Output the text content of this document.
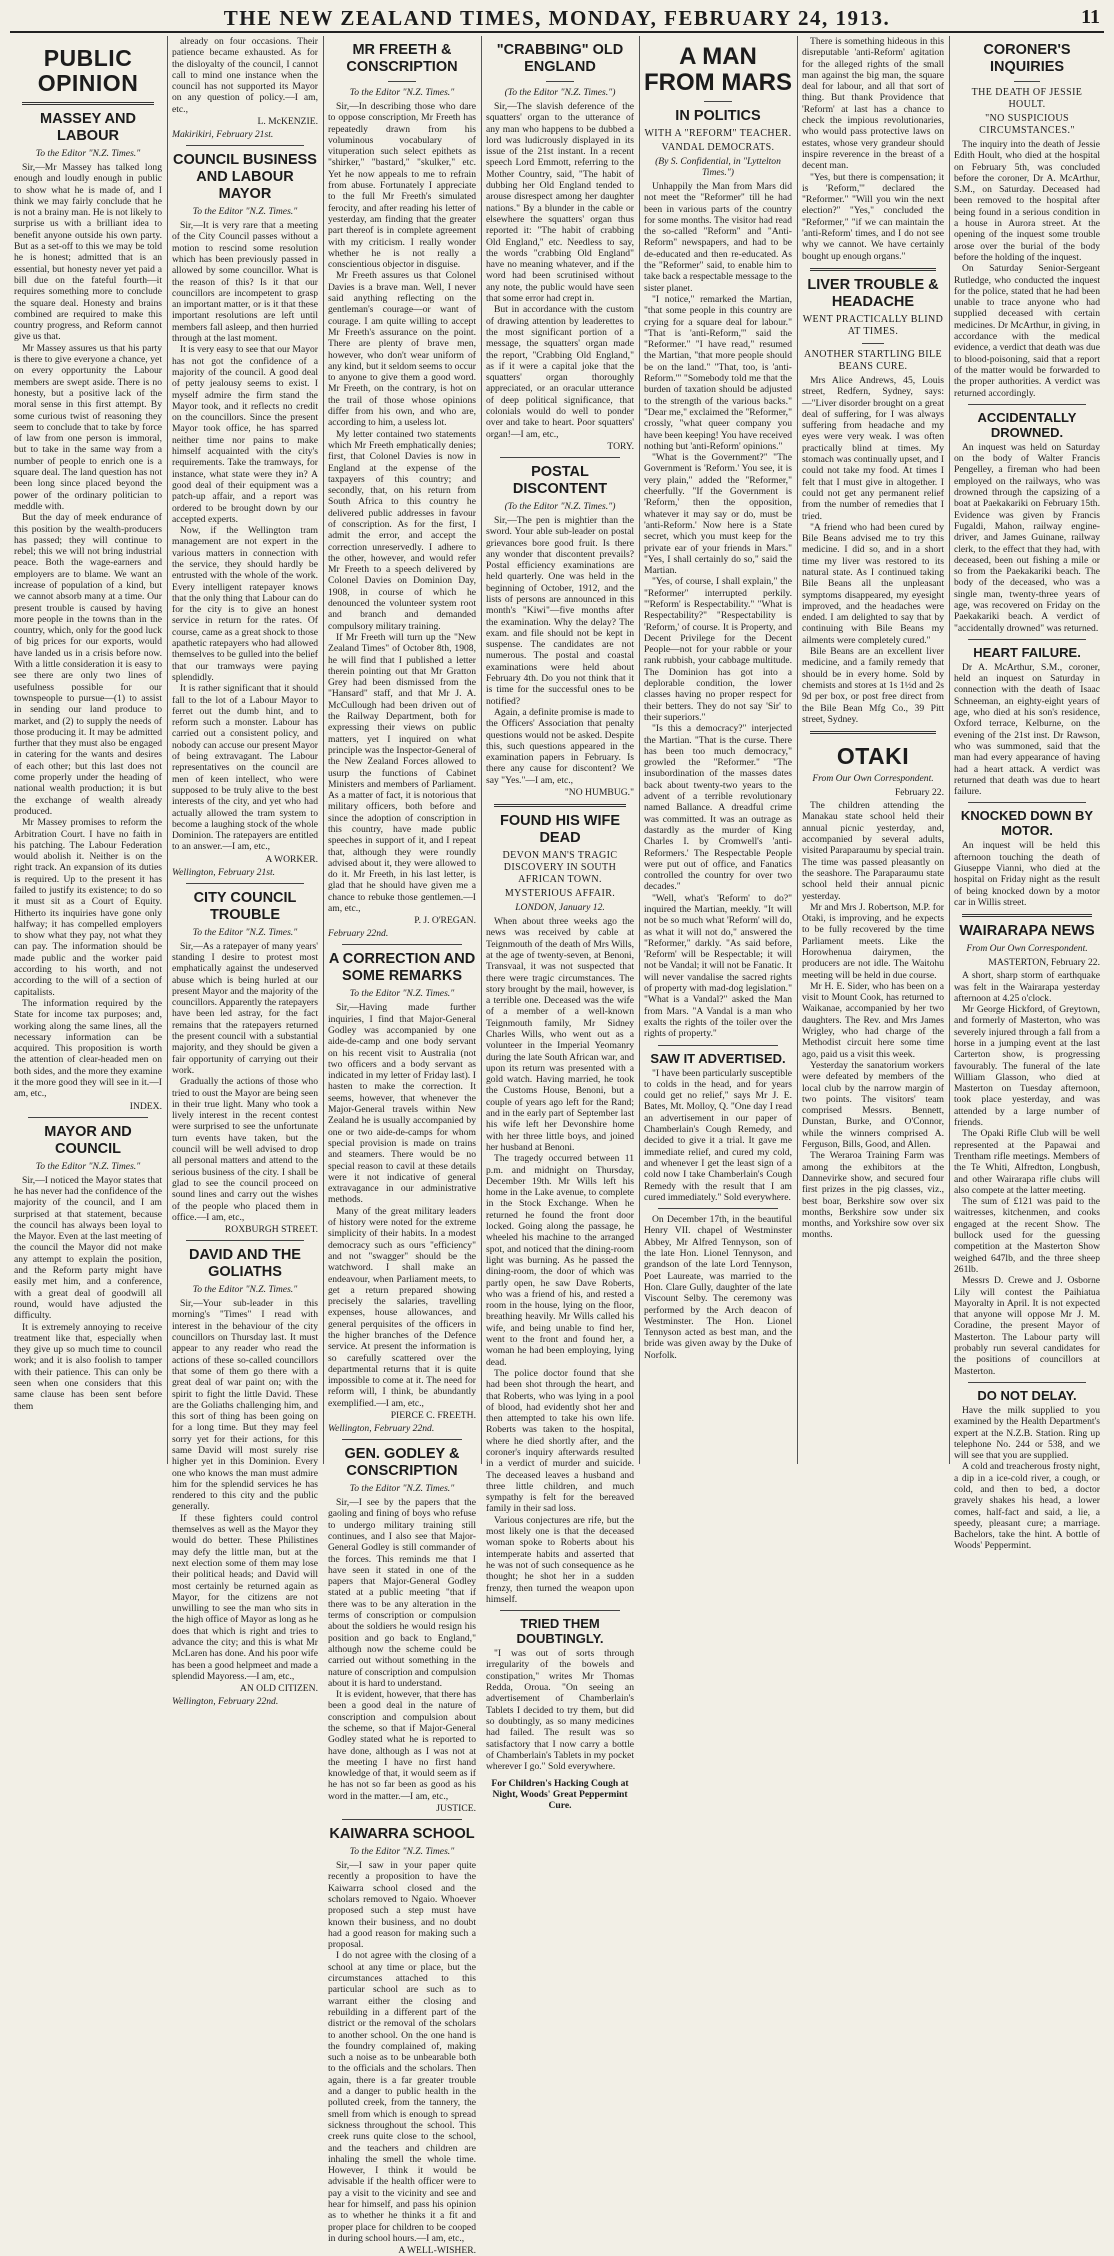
THE NEW ZEALAND TIMES, MONDAY, FEBRUARY 24, 1913.	11
PUBLIC OPINION
MASSEY AND LABOUR
To the Editor "N.Z. Times."

Sir,—Mr Massey has talked long enough and loudly enough in public to show what he is made of, and I think we may fairly conclude that he is not a brainy man. He is not likely to surprise us with a brilliant idea to benefit anyone outside his own party. But as a set-off to this we may be told he is honest; admitted that is an essential, but honesty never yet paid a bill due on the fateful fourth—it requires something more to conclude the square deal. Honesty and brains combined are required to make this country progress, and Reform cannot give us that.

Mr Massey assures us that his party is there to give everyone a chance, yet on every opportunity the Labour members are swept aside. There is no honesty, but a positive lack of the moral sense in this first attempt. By some curious twist of reasoning they seem to conclude that to take by force of law from one person is immoral, but to take in the same way from a number of people to enrich one is a square deal. The land question has not been long since placed beyond the power of the ordinary politician to meddle with.

But the day of meek endurance of this position by the wealth-producers has passed; they will continue to rebel; this we will not bring industrial peace. Both the wage-earners and employers are to blame. We want an increase of population of a kind, but we cannot absorb many at a time. Our present trouble is caused by having more people in the towns than in the country, which, only for the good luck of big prices for our exports, would have landed us in a crisis before now. With a little consideration it is easy to see there are only two lines of usefulness possible for our townspeople to pursue—(1) to assist in sending our land produce to market, and (2) to supply the needs of those producing it. It may be admitted further that they must also be engaged in catering for the wants and desires of each other; but this last does not come properly under the heading of national wealth production; it is but the exchange of wealth already produced.

Mr Massey promises to reform the Arbitration Court. I have no faith in his patching. The Labour Federation would abolish it. Neither is on the right track. An expansion of its duties is required. Up to the present it has failed to justify its existence; to do so it must sit as a Court of Equity. Hitherto its inquiries have gone only halfway; it has compelled employers to show what they pay, not what they can pay. The information should be made public and the worker paid according to his worth, and not according to the will of a section of capitalists.

The information required by the State for income tax purposes; and, working along the same lines, all the necessary information can be acquired. This proposition is worth the attention of clear-headed men on both sides, and the more they examine it the more good they will see in it.—I am, etc.,

INDEX.
MAYOR AND COUNCIL
To the Editor "N.Z. Times."

Sir,—I noticed the Mayor states that he has never had the confidence of the majority of the council, and I am surprised at that statement, because the council has always been loyal to the Mayor. Even at the last meeting of the council the Mayor did not make any attempt to explain the position, and the Reform party might have easily met him, and a conference, with a great deal of goodwill all round, would have adjusted the difficulty.

It is extremely annoying to receive treatment like that, especially when they give up so much time to council work; and it is also foolish to tamper with their patience. This can only be seen when one considers that this same clause has been sent before them

already on four occasions. Their patience became exhausted. As for the disloyalty of the council, I cannot call to mind one instance when the council has not supported its Mayor on any question of policy.—I am, etc.,

L. McKENZIE.
Makirikiri, February 21st.
COUNCIL BUSINESS AND LABOUR MAYOR
To the Editor "N.Z. Times."

Sir,—It is very rare that a meeting of the City Council passes without a motion to rescind some resolution which has been previously passed in allowed by some councillor. What is the reason of this? Is it that our councillors are incompetent to grasp an important matter, or is it that these important resolutions are left until members fall asleep, and then hurried through at the last moment.

It is very easy to see that our Mayor has not got the confidence of a majority of the council. A good deal of petty jealousy seems to exist. I myself admire the firm stand the Mayor took, and it reflects no credit on the councillors. Since the present Mayor took office, he has sparred neither time nor pains to make himself acquainted with the city's requirements. Take the tramways, for instance, what state were they in? A good deal of their equipment was a patch-up affair, and a report was ordered to be brought down by our accepted experts.

Now, if the Wellington tram management are not expert in the various matters in connection with the service, they should hardly be entrusted with the whole of the work. Every intelligent ratepayer knows that the only thing that Labour can do for the city is to give an honest service in return for the rates. Of course, came as a great shock to those apathetic ratepayers who had allowed themselves to be gulled into the belief that our tramways were paying splendidly.

It is rather significant that it should fall to the lot of a Labour Mayor to ferret out the dumb hint, and to reform such a monster. Labour has carried out a consistent policy, and nobody can accuse our present Mayor of being extravagant. The Labour representatives on the council are men of keen intellect, who were supposed to be truly alive to the best interests of the city, and yet who had actually allowed the tram system to become a laughing stock of the whole Dominion. The ratepayers are entitled to an answer.—I am, etc.,

A WORKER.
Wellington, February 21st.
CITY COUNCIL TROUBLE
To the Editor "N.Z. Times."

Sir,—As a ratepayer of many years' standing I desire to protest most emphatically against the undeserved abuse which is being hurled at our present Mayor and the majority of the councillors. Apparently the ratepayers have been led astray, for the fact remains that the ratepayers returned the present council with a substantial majority, and they should be given a fair opportunity of carrying out their work.

Gradually the actions of those who tried to oust the Mayor are being seen in their true light. Many who took a lively interest in the recent contest were surprised to see the unfortunate turn events have taken, but the council will be well advised to drop all personal matters and attend to the serious business of the city. I shall be glad to see the council proceed on sound lines and carry out the wishes of the people who placed them in office.—I am, etc.,

ROXBURGH STREET.
DAVID AND THE GOLIATHS
To the Editor "N.Z. Times."

Sir,—Your sub-leader in this morning's "Times" I read with interest in the behaviour of the city councillors on Thursday last. It must appear to any reader who read the actions of these so-called councillors that some of them go there with a great deal of war paint on; with the spirit to fight the little David. These are the Goliaths challenging him, and this sort of thing has been going on for a long time. But they may feel sorry yet for their actions, for this same David will most surely rise higher yet in this Dominion. Every one who knows the man must admire him for the splendid services he has rendered to this city and the public generally.

If these fighters could control themselves as well as the Mayor they would do better. These Philistines may defy the little man, but at the next election some of them may lose their political heads; and David will most certainly be returned again as Mayor, for the citizens are not unwilling to see the man who sits in the high office of Mayor as long as he does that which is right and tries to advance the city; and this is what Mr McLaren has done. And his poor wife has been a good helpmeet and made a splendid Mayoress.—I am, etc.,

AN OLD CITIZEN.
Wellington, February 22nd.
MR FREETH & CONSCRIPTION
To the Editor "N.Z. Times."

Sir,—In describing those who dare to oppose conscription, Mr Freeth has repeatedly drawn from his voluminous vocabulary of vituperation such select epithets as "shirker," "bastard," "skulker," etc. Yet he now appeals to me to refrain from abuse. Fortunately I appreciate to the full Mr Freeth's simulated ferocity, and after reading his letter of yesterday, am finding that the greater part thereof is in complete agreement with my criticism. I really wonder whether he is not really a conscientious objector in disguise.

Mr Freeth assures us that Colonel Davies is a brave man. Well, I never said anything reflecting on the gentleman's courage—or want of courage. I am quite willing to accept Mr Freeth's assurance on the point. There are plenty of brave men, however, who don't wear uniform of any kind, but it seldom seems to occur to anyone to give them a good word. Mr Freeth, on the contrary, is hot on the trail of those whose opinions differ from his own, and who are, according to him, a useless lot.

My letter contained two statements which Mr Freeth emphatically denies; first, that Colonel Davies is now in England at the expense of the taxpayers of this country; and secondly, that, on his return from South Africa to this country he delivered public addresses in favour of conscription. As for the first, I admit the error, and accept the correction unreservedly. I adhere to the other, however, and would refer Mr Freeth to a speech delivered by Colonel Davies on Dominion Day, 1908, in course of which he denounced the volunteer system root and branch and demanded compulsory military training.

If Mr Freeth will turn up the "New Zealand Times" of October 8th, 1908, he will find that I published a letter therein pointing out that Mr Gratton Grey had been dismissed from the "Hansard" staff, and that Mr J. A. McCullough had been driven out of the Railway Department, both for expressing their views on public matters, yet I inquired on what principle was the Inspector-General of the New Zealand Forces allowed to usurp the functions of Cabinet Ministers and members of Parliament. As a matter of fact, it is notorious that military officers, both before and since the adoption of conscription in this country, have made public speeches in support of it, and I repeat that, although they were roundly advised about it, they were allowed to do it. Mr Freeth, in his last letter, is glad that he should have given me a chance to rebuke those gentlemen.—I am, etc.,

P. J. O'REGAN.
February 22nd.
A CORRECTION AND SOME REMARKS
To the Editor "N.Z. Times."

Sir,—Having made further inquiries, I find that Major-General Godley was accompanied by one aide-de-camp and one body servant on his recent visit to Australia (not two officers and a body servant as indicated in my letter of Friday last). I hasten to make the correction. It seems, however, that whenever the Major-General travels within New Zealand he is usually accompanied by one or two aide-de-camps for whom special provision is made on trains and steamers. There would be no special reason to cavil at these details were it not indicative of general extravagance in our administrative methods.

Many of the great military leaders of history were noted for the extreme simplicity of their habits. In a modest democracy such as ours "efficiency" and not "swagger" should be the watchword. I shall make an endeavour, when Parliament meets, to get a return prepared showing precisely the salaries, travelling expenses, house allowances, and general perquisites of the officers in the higher branches of the Defence service. At present the information is so carefully scattered over the departmental returns that it is quite impossible to come at it. The need for reform will, I think, be abundantly exemplified.—I am, etc.,

PIERCE C. FREETH.
Wellington, February 22nd.
GEN. GODLEY & CONSCRIPTION
To the Editor "N.Z. Times."

Sir,—I see by the papers that the gaoling and fining of boys who refuse to undergo military training still continues, and I also see that Major-General Godley is still commander of the forces. This reminds me that I have seen it stated in one of the papers that Major-General Godley stated at a public meeting "that if there was to be any alteration in the terms of conscription or compulsion about the soldiers he would resign his position and go back to England," although now the scheme could be carried out without something in the nature of conscription and compulsion about it is hard to understand.

It is evident, however, that there has been a good deal in the nature of conscription and compulsion about the scheme, so that if Major-General Godley stated what he is reported to have done, although as I was not at the meeting I have no first hand knowledge of that, it would seem as if he has not so far been as good as his word in the matter.—I am, etc.,

JUSTICE.
KAIWARRA SCHOOL
To the Editor "N.Z. Times."

Sir,—I saw in your paper quite recently a proposition to have the Kaiwarra school closed and the scholars removed to Ngaio. Whoever proposed such a step must have known their business, and no doubt had a good reason for making such a proposal.

I do not agree with the closing of a school at any time or place, but the circumstances attached to this particular school are such as to warrant either the closing and rebuilding in a different part of the district or the removal of the scholars to another school. On the one hand is the foundry complained of, making such a noise as to be unbearable both to the officials and the scholars. Then again, there is a far greater trouble and a danger to public health in the polluted creek, from the tannery, the smell from which is enough to spread sickness throughout the school. This creek runs quite close to the school, and the teachers and children are inhaling the smell the whole time. However, I think it would be advisable if the health officer were to pay a visit to the vicinity and see and hear for himself, and pass his opinion as to whether he thinks it a fit and proper place for children to be cooped in during school hours.—I am, etc.,

A WELL-WISHER.
"CRABBING" OLD ENGLAND
(To the Editor "N.Z. Times.")

Sir,—The slavish deference of the squatters' organ to the utterance of any man who happens to be dubbed a lord was ludicrously displayed in its issue of the 21st instant. In a recent speech Lord Emmott, referring to the Mother Country, said, "The habit of dubbing her Old England tended to arouse disrespect among her daughter nations." By a blunder in the cable or elsewhere the squatters' organ thus reported it: "The habit of crabbing Old England," etc. Needless to say, the words "crabbing Old England" have no meaning whatever, and if the word had been scrutinised without any note, the public would have seen that some error had crept in.

But in accordance with the custom of drawing attention by leaderettes to the most significant portion of a message, the squatters' organ made the report, "Crabbing Old England," as if it were a capital joke that the squatters' organ thoroughly appreciated, or an oracular utterance of deep political significance, that colonials would do well to ponder over and take to heart. Poor squatters' organ!—I am, etc.,

TORY.
POSTAL DISCONTENT
(To the Editor "N.Z. Times.")

Sir,—The pen is mightier than the sword. Your able sub-leader on postal grievances bore good fruit. Is there any wonder that discontent prevails? Postal efficiency examinations are held quarterly. One was held in the beginning of October, 1912, and the lists of persons are announced in this month's "Kiwi"—five months after the examination. Why the delay? The exam. and file should not be kept in suspense. The candidates are not numerous. The postal and coastal examinations were held about February 4th. Do you not think that it is time for the successful ones to be notified?

Again, a definite promise is made to the Officers' Association that penalty questions would not be asked. Despite this, such questions appeared in the examination papers in February. Is there any cause for discontent? We say "Yes."—I am, etc.,

"NO HUMBUG."
FOUND HIS WIFE DEAD
DEVON MAN'S TRAGIC DISCOVERY IN SOUTH AFRICAN TOWN.
MYSTERIOUS AFFAIR.
LONDON, January 12.

When about three weeks ago the news was received by cable at Teignmouth of the death of Mrs Wills, at the age of twenty-seven, at Benoni, Transvaal, it was not suspected that there were tragic circumstances. The story brought by the mail, however, is a terrible one. Deceased was the wife of a member of a well-known Teignmouth family, Mr Sidney Charles Wills, who went out as a volunteer in the Imperial Yeomanry during the late South African war, and upon its return was presented with a gold watch. Having married, he took the Customs House, Benoni, but a couple of years ago left for the Rand; and in the early part of September last his wife left her Devonshire home with her three little boys, and joined her husband at Benoni.

The tragedy occurred between 11 p.m. and midnight on Thursday, December 19th. Mr Wills left his home in the Lake avenue, to complete in the Stock Exchange. When he returned he found the front door locked. Going along the passage, he wheeled his machine to the arranged spot, and noticed that the dining-room light was burning. As he passed the dining-room, the door of which was partly open, he saw Dave Roberts, who was a friend of his, and rested a room in the house, lying on the floor, breathing heavily. Mr Wills called his wife, and being unable to find her, went to the front and found her, a woman he had been employing, lying dead.

The police doctor found that she had been shot through the heart, and that Roberts, who was lying in a pool of blood, had evidently shot her and then attempted to take his own life. Roberts was taken to the hospital, where he died shortly after, and the coroner's inquiry afterwards resulted in a verdict of murder and suicide. The deceased leaves a husband and three little children, and much sympathy is felt for the bereaved family in their sad loss.

Various conjectures are rife, but the most likely one is that the deceased woman spoke to Roberts about his intemperate habits and asserted that he was not of such consequence as he thought; he shot her in a sudden frenzy, then turned the weapon upon himself.

TRIED THEM DOUBTINGLY.

"I was out of sorts through irregularity of the bowels and constipation," writes Mr Thomas Redda, Oroua. "On seeing an advertisement of Chamberlain's Tablets I decided to try them, but did so doubtingly, as so many medicines had failed. The result was so satisfactory that I now carry a bottle of Chamberlain's Tablets in my pocket wherever I go." Sold everywhere.

For Children's Hacking Cough at Night, Woods' Great Peppermint Cure.
A MAN FROM MARS
IN POLITICS
WITH A "REFORM" TEACHER.
VANDAL DEMOCRATS.
(By S. Confidential, in "Lyttelton Times.")

Unhappily the Man from Mars did not meet the "Reformer" till he had been in various parts of the country for some months. The visitor had read the so-called "Reform" and "Anti-Reform" newspapers, and had to be de-educated and then re-educated. As the "Reformer" said, to enable him to take back a respectable message to the sister planet.

"I notice," remarked the Martian, "that some people in this country are crying for a square deal for labour." "That is 'anti-Reform,'" said the "Reformer." "I have read," resumed the Martian, "that more people should be on the land." "That, too, is 'anti-Reform.'" "Somebody told me that the burden of taxation should be adjusted to the strength of the various backs." "Dear me," exclaimed the "Reformer," crossly, "what queer company you have been keeping! You have received nothing but 'anti-Reform' opinions."

"What is the Government?" "The Government is 'Reform.' You see, it is very plain," added the "Reformer," cheerfully. "If the Government is 'Reform,' then the opposition, whatever it may say or do, must be 'anti-Reform.' Now here is a State secret, which you must keep for the private ear of your friends in Mars." "Yes, I shall certainly do so," said the Martian.

"Yes, of course, I shall explain," the "Reformer" interrupted perkily. "'Reform' is Respectability." "What is Respectability?" "Respectability is 'Reform,' of course. It is Property, and Decent Privilege for the Decent People—not for your rabble or your rank rubbish, your cabbage multitude. The Dominion has got into a deplorable condition, the lower classes having no proper respect for their betters. They do not say 'Sir' to their superiors."

"Is this a democracy?" interjected the Martian. "That is the curse. There has been too much democracy," growled the "Reformer." "The insubordination of the masses dates back about twenty-two years to the advent of a terrible revolutionary named Ballance. A dreadful crime was committed. It was an outrage as dastardly as the murder of King Charles I. by Cromwell's 'anti-Reformers.' The Respectable People were put out of office, and Fanatics controlled the country for over two decades."

"Well, what's 'Reform' to do?" inquired the Martian, meekly. "It will not be so much what 'Reform' will do, as what it will not do," answered the "Reformer," darkly. "As said before, 'Reform' will be Respectable; it will not be Vandal; it will not be Fanatic. It will never vandalise the sacred rights of property with mad-dog legislation." "What is a Vandal?" asked the Man from Mars. "A Vandal is a man who exalts the rights of the toiler over the rights of property."

SAW IT ADVERTISED.

"I have been particularly susceptible to colds in the head, and for years could get no relief," says Mr J. E. Bates, Mt. Molloy, Q. "One day I read an advertisement in our paper of Chamberlain's Cough Remedy, and decided to give it a trial. It gave me immediate relief, and cured my cold, and whenever I get the least sign of a cold now I take Chamberlain's Cough Remedy with the result that I am cured immediately." Sold everywhere.

On December 17th, in the beautiful Henry VII. chapel of Westminster Abbey, Mr Alfred Tennyson, son of the late Hon. Lionel Tennyson, and grandson of the late Lord Tennyson, Poet Laureate, was married to the Hon. Clare Gully, daughter of the late Viscount Selby. The ceremony was performed by the Arch deacon of Westminster. The Hon. Lionel Tennyson acted as best man, and the bride was given away by the Duke of Norfolk.

There is something hideous in this disreputable 'anti-Reform' agitation for the alleged rights of the small man against the big man, the square deal for labour, and all that sort of thing. But thank Providence that 'Reform' at last has a chance to check the impious revolutionaries, who would pass protective laws on estates, whose very grandeur should inspire reverence in the breast of a decent man.

"Yes, but there is compensation; it is 'Reform,'" declared the "Reformer." "Will you win the next election?" "Yes," concluded the "Reformer," "if we can maintain the 'anti-Reform' times, and I do not see why we cannot. We have certainly bought up enough organs."

LIVER TROUBLE & HEADACHE
WENT PRACTICALLY BLIND AT TIMES.
ANOTHER STARTLING BILE BEANS CURE.

Mrs Alice Andrews, 45, Louis street, Redfern, Sydney, says:—"Liver disorder brought on a great deal of suffering, for I was always suffering from headache and my eyes were very weak. I was often practically blind at times. My stomach was continually upset, and I could not take my food. At times I felt that I must give in altogether. I could not get any permanent relief from the number of remedies that I tried.

"A friend who had been cured by Bile Beans advised me to try this medicine. I did so, and in a short time my liver was restored to its natural state. As I continued taking Bile Beans all the unpleasant symptoms disappeared, my eyesight improved, and the headaches were ended. I am delighted to say that by continuing with Bile Beans my ailments were completely cured."

Bile Beans are an excellent liver medicine, and a family remedy that should be in every home. Sold by chemists and stores at 1s 1½d and 2s 9d per box, or post free direct from the Bile Bean Mfg Co., 39 Pitt street, Sydney.

OTAKI
From Our Own Correspondent.
February 22.

The children attending the Manakau state school held their annual picnic yesterday, and, accompanied by several adults, visited Paraparaumu by special train. The time was passed pleasantly on the seashore. The Paraparaumu state school held their annual picnic yesterday.

Mr and Mrs J. Robertson, M.P. for Otaki, is improving, and he expects to be fully recovered by the time Parliament meets. Like the Horowhenua dairymen, the producers are not idle. The Waitohu meeting will be held in due course.

Mr H. E. Sider, who has been on a visit to Mount Cook, has returned to Waikanae, accompanied by her two daughters. The Rev. and Mrs James Wrigley, who had charge of the Methodist circuit here some time ago, paid us a visit this week.

Yesterday the sanatorium workers were defeated by members of the local club by the narrow margin of two points. The visitors' team comprised Messrs. Bennett, Dunstan, Burke, and O'Connor, while the winners comprised A. Ferguson, Bills, Good, and Allen.

The Weraroa Training Farm was among the exhibitors at the Dannevirke show, and secured four first prizes in the pig classes, viz., best boar, Berkshire sow over six months, Berkshire sow under six months, and Yorkshire sow over six months.

CORONER'S INQUIRIES
THE DEATH OF JESSIE HOULT.
"NO SUSPICIOUS CIRCUMSTANCES."

The inquiry into the death of Jessie Edith Hoult, who died at the hospital on February 5th, was concluded before the coroner, Dr A. McArthur, S.M., on Saturday. Deceased had been removed to the hospital after being found in a serious condition in a house in Aurora street. At the opening of the inquest some trouble arose over the burial of the body before the holding of the inquest.

On Saturday Senior-Sergeant Rutledge, who conducted the inquest for the police, stated that he had been unable to trace anyone who had supplied deceased with certain medicines. Dr McArthur, in giving, in accordance with the medical evidence, a verdict that death was due to blood-poisoning, said that a report of the matter would be forwarded to the proper authorities. A verdict was returned accordingly.

ACCIDENTALLY DROWNED.

An inquest was held on Saturday on the body of Walter Francis Pengelley, a fireman who had been employed on the railways, who was drowned through the capsizing of a boat at Paekakariki on February 15th. Evidence was given by Francis Fugaldi, Mahon, railway engine-driver, and James Guinane, railway clerk, to the effect that they had, with deceased, been out fishing a mile or so from the Paekakariki beach. The body of the deceased, who was a single man, twenty-three years of age, was recovered on Friday on the Paekakariki beach. A verdict of "accidentally drowned" was returned.

HEART FAILURE.

Dr A. McArthur, S.M., coroner, held an inquest on Saturday in connection with the death of Isaac Schneeman, an eighty-eight years of age, who died at his son's residence, Oxford terrace, Kelburne, on the evening of the 21st inst. Dr Rawson, who was summoned, said that the man had every appearance of having had a heart attack. A verdict was returned that death was due to heart failure.

KNOCKED DOWN BY MOTOR.

An inquest will be held this afternoon touching the death of Giuseppe Vianni, who died at the hospital on Friday night as the result of being knocked down by a motor car in Willis street.

WAIRARAPA NEWS
From Our Own Correspondent.
MASTERTON, February 22.

A short, sharp storm of earthquake was felt in the Wairarapa yesterday afternoon at 4.25 o'clock.

Mr George Hickford, of Greytown, and formerly of Masterton, who was severely injured through a fall from a horse in a jumping event at the last Carterton show, is progressing favourably. The funeral of the late William Glasson, who died at Masterton on Tuesday afternoon, took place yesterday, and was attended by a large number of friends.

The Opaki Rifle Club will be well represented at the Papawai and Trentham rifle meetings. Members of the Te Whiti, Alfredton, Longbush, and other Wairarapa rifle clubs will also compete at the latter meeting.

The sum of £121 was paid to the waitresses, kitchenmen, and cooks engaged at the recent Show. The bullock used for the guessing competition at the Masterton Show weighed 647lb, and the three sheep 261lb.

Messrs D. Crewe and J. Osborne Lily will contest the Paihiatua Mayoralty in April. It is not expected that anyone will oppose Mr J. M. Coradine, the present Mayor of Masterton. The Labour party will probably run several candidates for the positions of councillors at Masterton.

DO NOT DELAY.

Have the milk supplied to you examined by the Health Department's expert at the N.Z.B. Station. Ring up telephone No. 244 or 538, and we will see that you are supplied.

A cold and treacherous frosty night, a dip in a ice-cold river, a cough, or cold, and then to bed, a doctor gravely shakes his head, a lower comes, half-fact and said, a lie, a speedy, pleasant cure; a marriage. Bachelors, take the hint. A bottle of Woods' Peppermint.
